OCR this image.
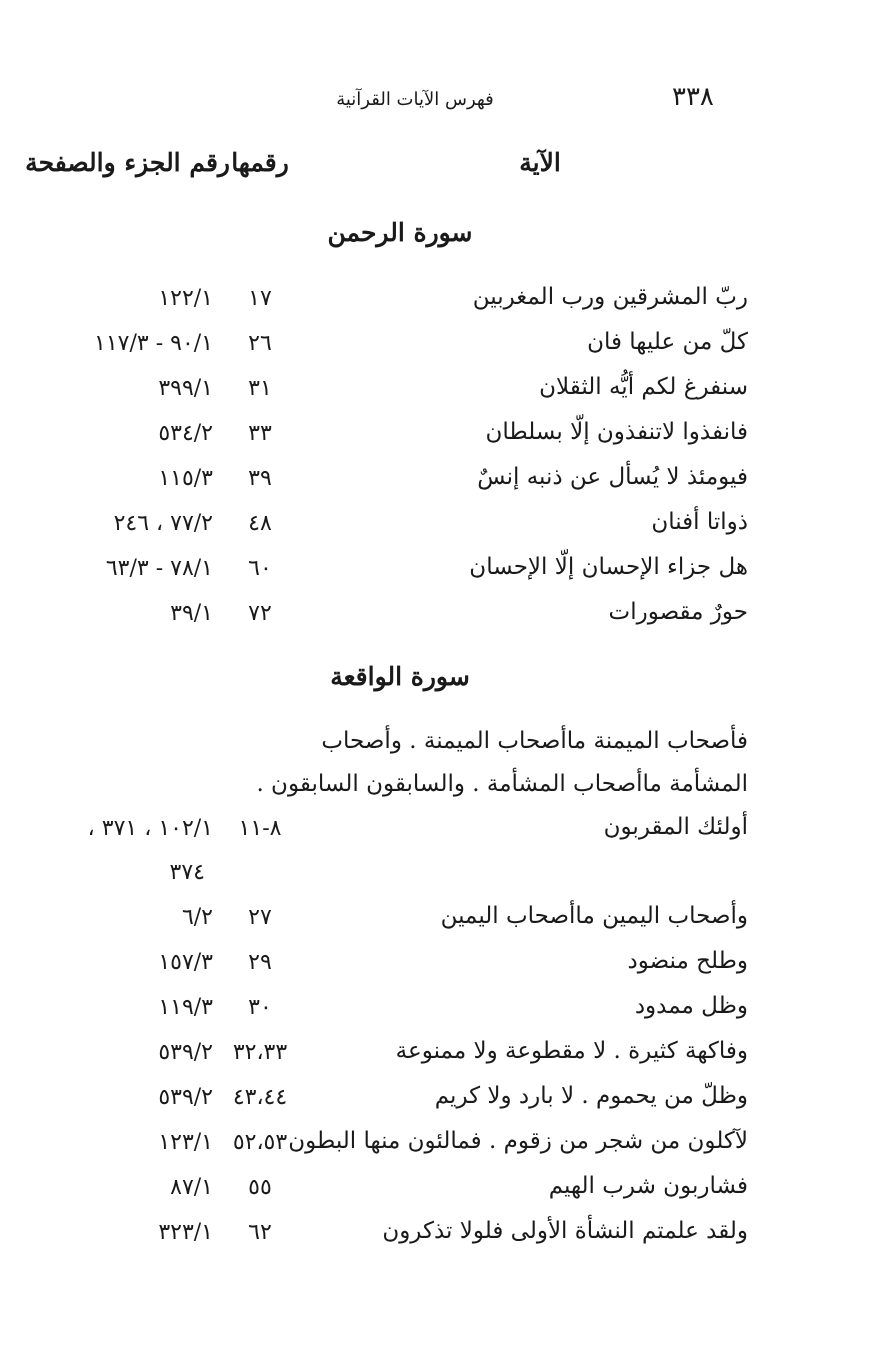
٣٣٨
فهرس الآيات القرآنية
الآية
رقمها
رقم الجزء والصفحة
سورة الرحمن
ربّ المشرقين ورب المغربين
١٧
١٢٢/١
كلّ من عليها فان
٢٦
٩٠/١ - ١١٧/٣
سنفرغ لكم أيُّه الثقلان
٣١
٣٩٩/١
فانفذوا لاتنفذون إلّا بسلطان
٣٣
٥٣٤/٢
فيومئذ لا يُسأل عن ذنبه إنسٌ
٣٩
١١٥/٣
ذواتا أفنان
٤٨
٧٧/٢ ، ٢٤٦
هل جزاء الإحسان إلّا الإحسان
٦٠
٧٨/١ - ٦٣/٣
حورٌ مقصورات
٧٢
٣٩/١
سورة الواقعة
فأصحاب الميمنة ماأصحاب الميمنة . وأصحاب
المشأمة ماأصحاب المشأمة . والسابقون السابقون .
أولئك المقربون
٨-١١
١٠٢/١ ، ٣٧١ ،
٣٧٤
وأصحاب اليمين ماأصحاب اليمين
٢٧
٦/٢
وطلح منضود
٢٩
١٥٧/٣
وظل ممدود
٣٠
١١٩/٣
وفاكهة كثيرة . لا مقطوعة ولا ممنوعة
٣٢،٣٣
٥٣٩/٢
وظلّ من يحموم . لا بارد ولا كريم
٤٣،٤٤
٥٣٩/٢
لآكلون من شجر من زقوم . فمالئون منها البطون
٥٢،٥٣
١٢٣/١
فشاربون شرب الهيم
٥٥
٨٧/١
ولقد علمتم النشأة الأولى فلولا تذكرون
٦٢
٣٢٣/١
